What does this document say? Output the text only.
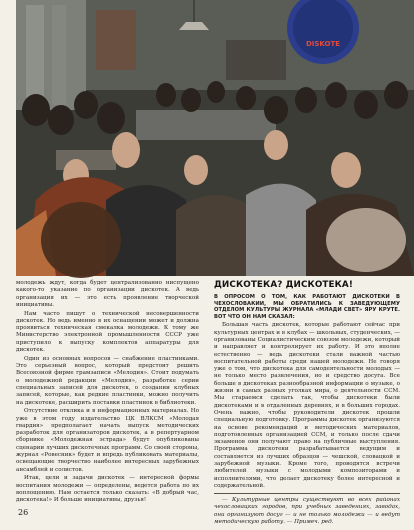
DISKOTE

молодежь ждут, когда будет централизованно ниспущено какого-то указание по организации дискотек. А ведь организация их — это есть проявление творческой инициативы.

Нам часто пишут о технической несовершенности дискотек. Но ведь именно в их оснащении может и должна проявиться техническая смекалка молодежи. К тому же Министерство электронной промышленности СССР уже приступило к выпуску комплектов аппаратуры для дискотек.

Один из основных вопросов — снабжение пластинками. Это серьезный вопрос, который предстоит решить Всесоюзной фирме грамзаписи «Мелодия». Стоит подумать о молодежной редакции «Мелодия», разработке серии специальных записей для дискотек, о создании клубных записей, которые, как редкие пластинки, можно получить на дискотеке, расширить поставки пластинок в библиотеки.

Отсутствие отклика и в информационных материалах. Но уже в этом году издательство ЦК ВЛКСМ «Молодая гвардия» предполагает начать выпуск методических разработок для организаторов дискотек, а в репертуарном сборнике «Молодежная эстрада» будут опубликованы сценарии лучших дискотечных программ. Со своей стороны, журнал «Ровесник» будет и впредь публиковать материалы, освещающие творчество наиболее интересных зарубежных ансамблей и солистов.

Итак, цели и задачи дискотек — интересной формы воспитания молодежи — определены, ведется работа по их воплощению. Нам остается только сказать: «В добрый час, дискотека!» И больше инициативы, друзья!

ДИСКОТЕКА? ДИСКОТЕКА!
В ОПРОСОМ О ТОМ, КАК РАБОТАЮТ ДИСКОТЕКИ В ЧЕХОСЛОВАКИИ, МЫ ОБРАТИЛИСЬ К ЗАВЕДУЮЩЕМУ ОТДЕЛОМ КУЛЬТУРЫ ЖУРНАЛА «МЛАДИ СВЕТ» ЯРУ КРУТЕ. ВОТ ЧТО ОН НАМ СКАЗАЛ:

Большая часть дискотек, которые работают сейчас при культурных центрах и в клубах — школьных, студенческих, — организованы Социалистическим союзом молодежи, который и направляет и контролирует их работу. И это вполне естественно — ведь дискотеки стали важной частью воспитательной работы среди нашей молодежи. Не говоря уже о том, что дискотека для самодеятельности молодых — не только место развлечения, но и средство досуга. Все больше в дискотеках разнообразной информации о музыке, о жизни в самых разных уголках мира, о деятельности ССМ. Мы стараемся сделать так, чтобы дискотеки были дискотеками и в отдаленных деревнях, и в больших городах. Очень важно, чтобы руководители дискотек прошли специальную подготовку. Программы дискотек организуются на основе рекомендаций и методических материалов, подготовленных организацией ССМ, и только после сдачи экзаменов они получают право на публичные выступления. Программа дискотеки разрабатывается ведущим и составляется из лучших образцов — чешской, словацкой и зарубежной музыки. Кроме того, проводятся встречи любителей музыки с молодыми композиторами и исполнителями, что делает дискотеку более интересной и содержательной.

— Культурные центры существуют во всех районах чехословацких городов, при учебных заведениях, заводах, они организуют досуг — и не только молодежи — и ведут методическую работу. — Примеч. ред.

26
